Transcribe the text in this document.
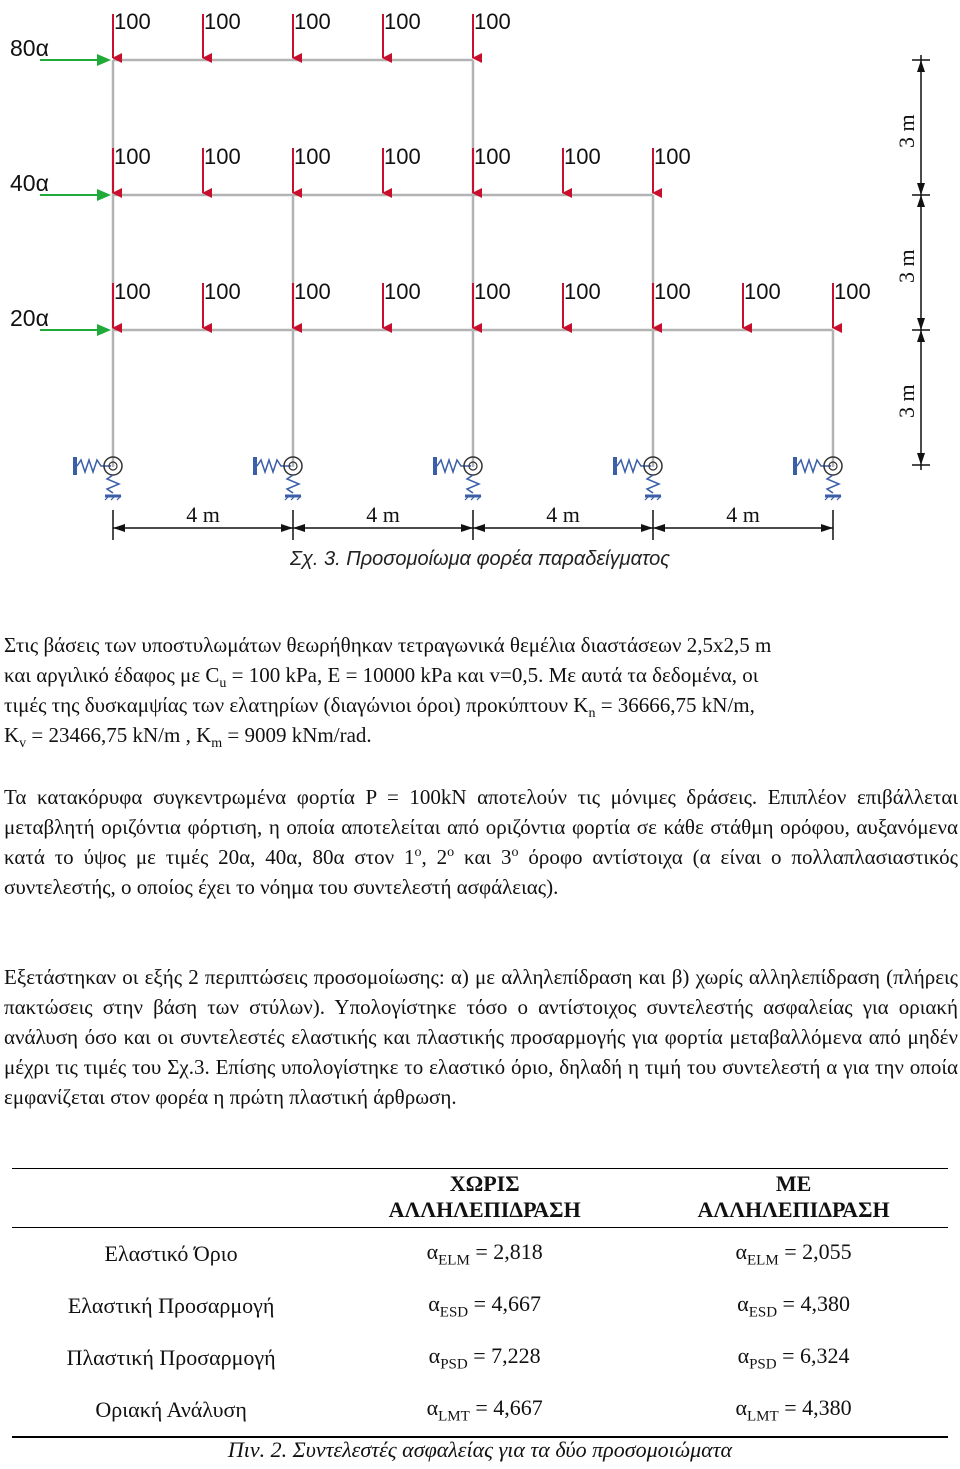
100 100 100 100 100
100 100 100 100 100 100 100
100 100 100 100 100 100 100 100 100
80α
40α
20α
3 m
3 m
3 m
4 m	4 m	4 m	4 m
Σχ. 3. Προσομοίωμα φορέα παραδείγματος

Στις βάσεις των υποστυλωμάτων θεωρήθηκαν τετραγωνικά θεμέλια διαστάσεων 2,5x2,5 m
και αργιλικό έδαφος με $C_u = 100$ kPa, E = 10000 kPa και v=0,5. Με αυτά τα δεδομένα, οι
τιμές της δυσκαμψίας των ελατηρίων (διαγώνιοι όροι) προκύπτουν $K_n = 36666,75$ kN/m,
$K_v = 23466,75$ kN/m , $K_m = 9009$ kNm/rad.

Τα κατακόρυφα συγκεντρωμένα φορτία P = 100kN αποτελούν τις μόνιμες δράσεις. Επιπλέον επιβάλλεται μεταβλητή οριζόντια φόρτιση, η οποία αποτελείται από οριζόντια φορτία σε κάθε στάθμη ορόφου, αυξανόμενα κατά το ύψος με τιμές 20α, 40α, 80α στον $1^o$, $2^o$ και $3^o$ όροφο αντίστοιχα (α είναι ο πολλαπλασιαστικός συντελεστής, ο οποίος έχει το νόημα του συντελεστή ασφάλειας).

Εξετάστηκαν οι εξής 2 περιπτώσεις προσομοίωσης: α) με αλληλεπίδραση και β) χωρίς αλληλεπίδραση (πλήρεις πακτώσεις στην βάση των στύλων). Υπολογίστηκε τόσο ο αντίστοιχος συντελεστής ασφαλείας για οριακή ανάλυση όσο και οι συντελεστές ελαστικής και πλαστικής προσαρμογής για φορτία μεταβαλλόμενα από μηδέν μέχρι τις τιμές του Σχ.3. Επίσης υπολογίστηκε το ελαστικό όριο, δηλαδή η τιμή του συντελεστή α για την οποία εμφανίζεται στον φορέα η πρώτη πλαστική άρθρωση.

	ΧΩΡΙΣ
ΑΛΛΗΛΕΠΙΔΡΑΣΗ	ΜΕ
ΑΛΛΗΛΕΠΙΔΡΑΣΗ
Ελαστικό Όριο	$\alpha_{ELM} = 2,818$	$\alpha_{ELM} = 2,055$
Ελαστική Προσαρμογή	$\alpha_{ESD} = 4,667$	$\alpha_{ESD} = 4,380$
Πλαστική Προσαρμογή	$\alpha_{PSD} = 7,228$	$\alpha_{PSD} = 6,324$
Οριακή Ανάλυση	$\alpha_{LMT} = 4,667$	$\alpha_{LMT} = 4,380$
Πιν. 2. Συντελεστές ασφαλείας για τα δύο προσομοιώματα
